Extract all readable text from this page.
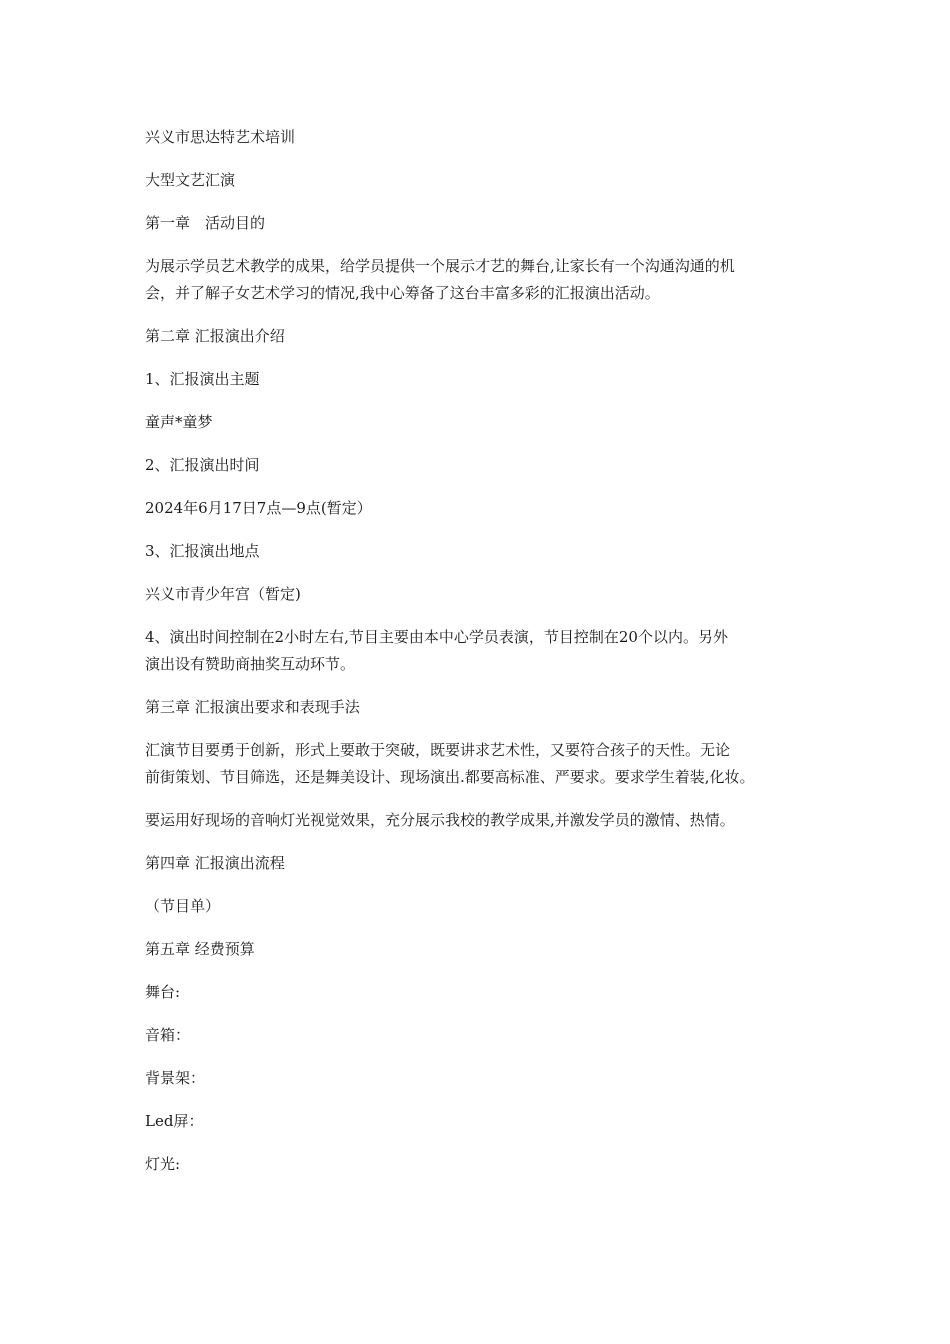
兴义市思达特艺术培训

大型文艺汇演

第一章　活动目的

为展示学员艺术教学的成果，给学员提供一个展示才艺的舞台,让家长有一个沟通沟通的机
会，并了解子女艺术学习的情况,我中心筹备了这台丰富多彩的汇报演出活动。

第二章 汇报演出介绍

1、汇报演出主题

童声*童梦

2、汇报演出时间

2024年6月17日7点—9点(暂定）

3、汇报演出地点

兴义市青少年宫（暂定)

4、演出时间控制在2小时左右,节目主要由本中心学员表演，节目控制在20个以内。另外
演出设有赞助商抽奖互动环节。

第三章 汇报演出要求和表现手法

汇演节目要勇于创新，形式上要敢于突破，既要讲求艺术性，又要符合孩子的天性。无论
前街策划、节目筛选，还是舞美设计、现场演出.都要高标准、严要求。要求学生着装,化妆。

要运用好现场的音响灯光视觉效果，充分展示我校的教学成果,并激发学员的激情、热情。

第四章 汇报演出流程

（节目单）

第五章 经费预算

舞台:

音箱：

背景架：

Led屏：

灯光:
